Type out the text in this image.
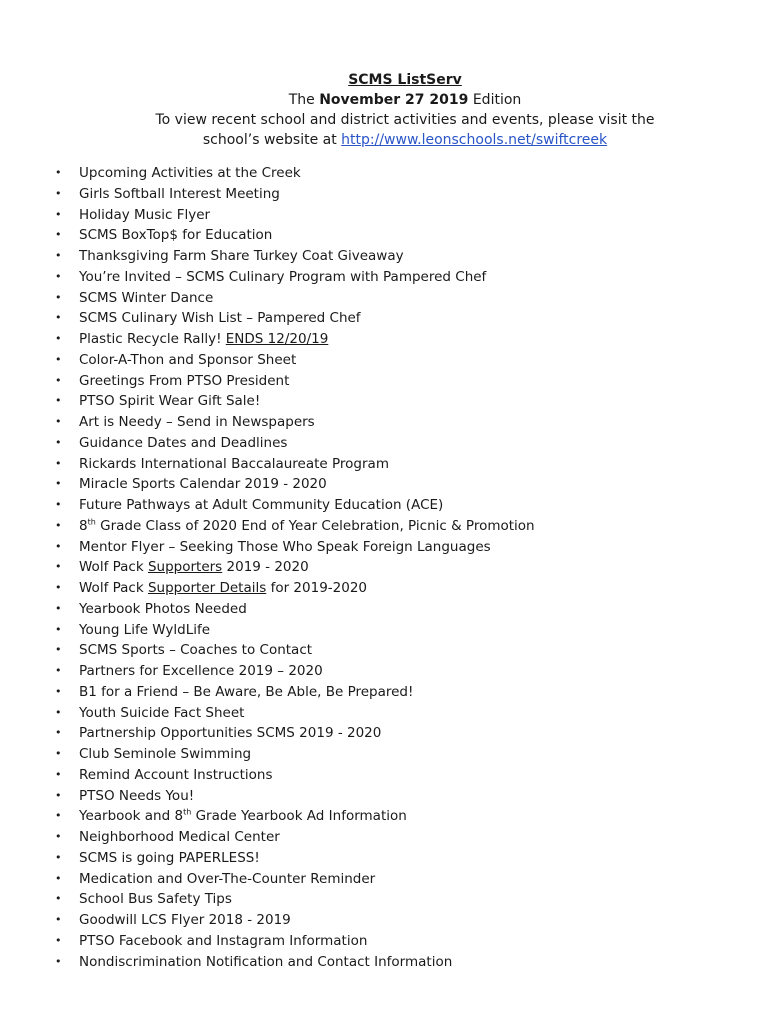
SCMS ListServ
The November 27 2019 Edition
To view recent school and district activities and events, please visit the
school’s website at http://www.leonschools.net/swiftcreek
• Upcoming Activities at the Creek
• Girls Softball Interest Meeting
• Holiday Music Flyer
• SCMS BoxTop$ for Education
• Thanksgiving Farm Share Turkey Coat Giveaway
• You’re Invited – SCMS Culinary Program with Pampered Chef
• SCMS Winter Dance
• SCMS Culinary Wish List – Pampered Chef
• Plastic Recycle Rally! ENDS 12/20/19
• Color-A-Thon and Sponsor Sheet
• Greetings From PTSO President
• PTSO Spirit Wear Gift Sale!
• Art is Needy – Send in Newspapers
• Guidance Dates and Deadlines
• Rickards International Baccalaureate Program
• Miracle Sports Calendar 2019 - 2020
• Future Pathways at Adult Community Education (ACE)
• 8th Grade Class of 2020 End of Year Celebration, Picnic & Promotion
• Mentor Flyer – Seeking Those Who Speak Foreign Languages
• Wolf Pack Supporters 2019 - 2020
• Wolf Pack Supporter Details for 2019-2020
• Yearbook Photos Needed
• Young Life WyldLife
• SCMS Sports – Coaches to Contact
• Partners for Excellence 2019 – 2020
• B1 for a Friend – Be Aware, Be Able, Be Prepared!
• Youth Suicide Fact Sheet
• Partnership Opportunities SCMS 2019 - 2020
• Club Seminole Swimming
• Remind Account Instructions
• PTSO Needs You!
• Yearbook and 8th Grade Yearbook Ad Information
• Neighborhood Medical Center
• SCMS is going PAPERLESS!
• Medication and Over-The-Counter Reminder
• School Bus Safety Tips
• Goodwill LCS Flyer 2018 - 2019
• PTSO Facebook and Instagram Information
• Nondiscrimination Notification and Contact Information
